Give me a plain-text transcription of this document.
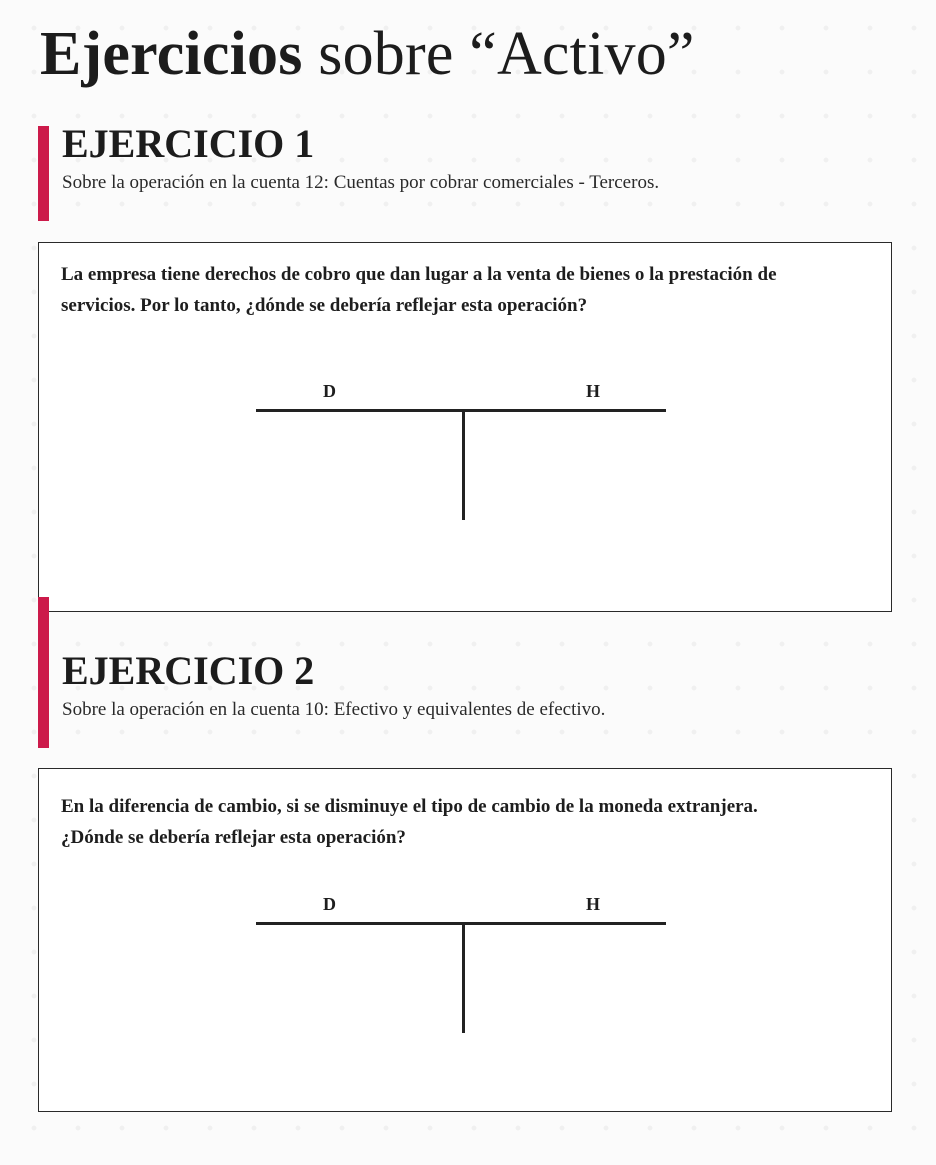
Ejercicios sobre “Activo”
EJERCICIO 1

Sobre la operación en la cuenta 12: Cuentas por cobrar comerciales - Terceros.

La empresa tiene derechos de cobro que dan lugar a la venta de bienes o la prestación de
servicios. Por lo tanto, ¿dónde se debería reflejar esta operación?

D	H
EJERCICIO 2

Sobre la operación en la cuenta 10: Efectivo y equivalentes de efectivo.

En la diferencia de cambio, si se disminuye el tipo de cambio de la moneda extranjera.
¿Dónde se debería reflejar esta operación?

D	H
